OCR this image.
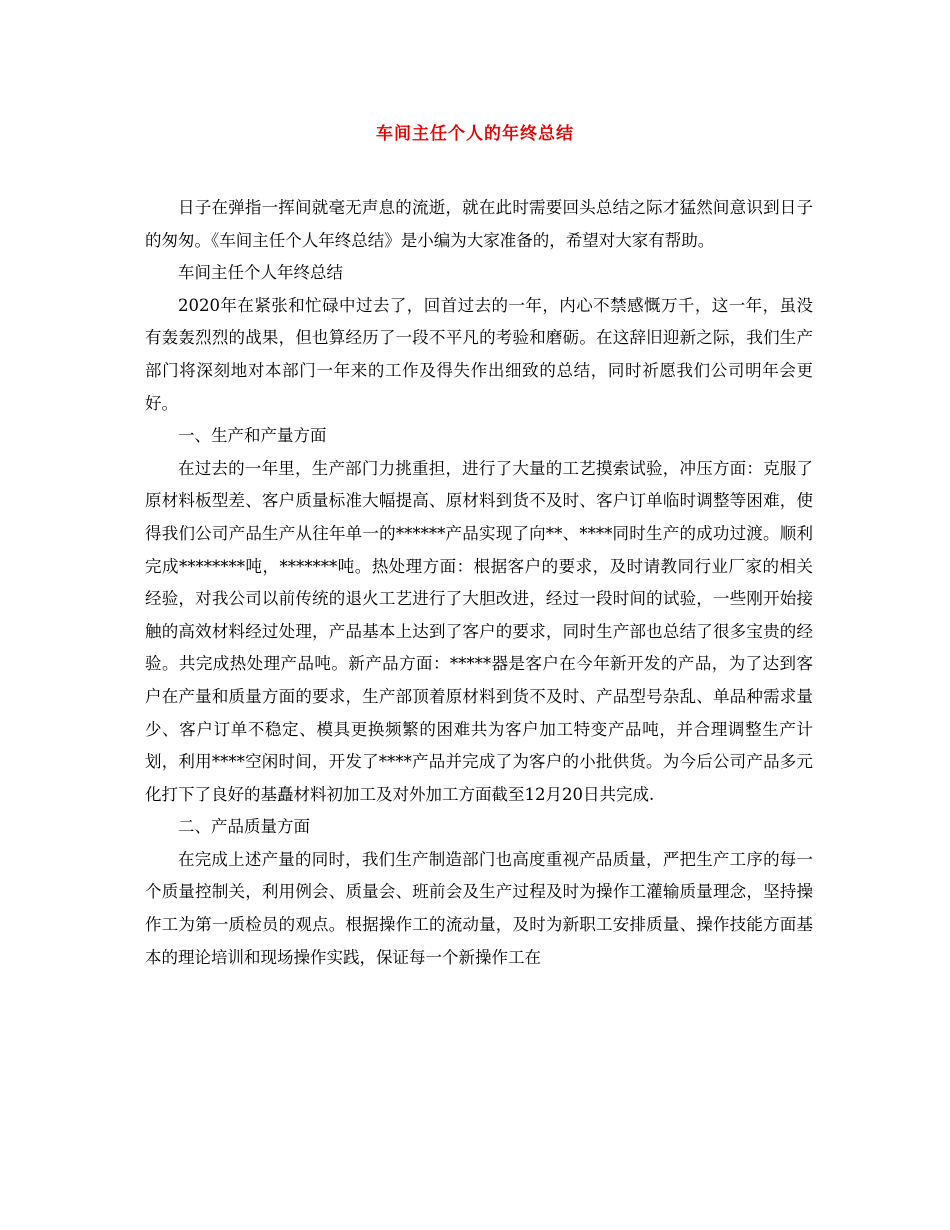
车间主任个人的年终总结

日子在弹指一挥间就毫无声息的流逝，就在此时需要回头总结之际才猛然间意识到日子的匆匆。《车间主任个人年终总结》是小编为大家准备的，希望对大家有帮助。

车间主任个人年终总结

2020年在紧张和忙碌中过去了，回首过去的一年，内心不禁感慨万千，这一年，虽没有轰轰烈烈的战果，但也算经历了一段不平凡的考验和磨砺。在这辞旧迎新之际，我们生产部门将深刻地对本部门一年来的工作及得失作出细致的总结，同时祈愿我们公司明年会更好。

一、生产和产量方面

在过去的一年里，生产部门力挑重担，进行了大量的工艺摸索试验，冲压方面：克服了原材料板型差、客户质量标准大幅提高、原材料到货不及时、客户订单临时调整等困难，使得我们公司产品生产从往年单一的******产品实现了向**、****同时生产的成功过渡。顺利完成********吨，*******吨。热处理方面：根据客户的要求，及时请教同行业厂家的相关经验，对我公司以前传统的退火工艺进行了大胆改进，经过一段时间的试验，一些刚开始接触的高效材料经过处理，产品基本上达到了客户的要求，同时生产部也总结了很多宝贵的经验。共完成热处理产品吨。新产品方面：*****器是客户在今年新开发的产品，为了达到客户在产量和质量方面的要求，生产部顶着原材料到货不及时、产品型号杂乱、单品种需求量少、客户订单不稳定、模具更换频繁的困难共为客户加工特变产品吨，并合理调整生产计划，利用****空闲时间，开发了****产品并完成了为客户的小批供货。为今后公司产品多元化打下了良好的基矗材料初加工及对外加工方面截至12月20日共完成.

二、产品质量方面

在完成上述产量的同时，我们生产制造部门也高度重视产品质量，严把生产工序的每一个质量控制关，利用例会、质量会、班前会及生产过程及时为操作工灌输质量理念，坚持操作工为第一质检员的观点。根据操作工的流动量，及时为新职工安排质量、操作技能方面基本的理论培训和现场操作实践，保证每一个新操作工在
